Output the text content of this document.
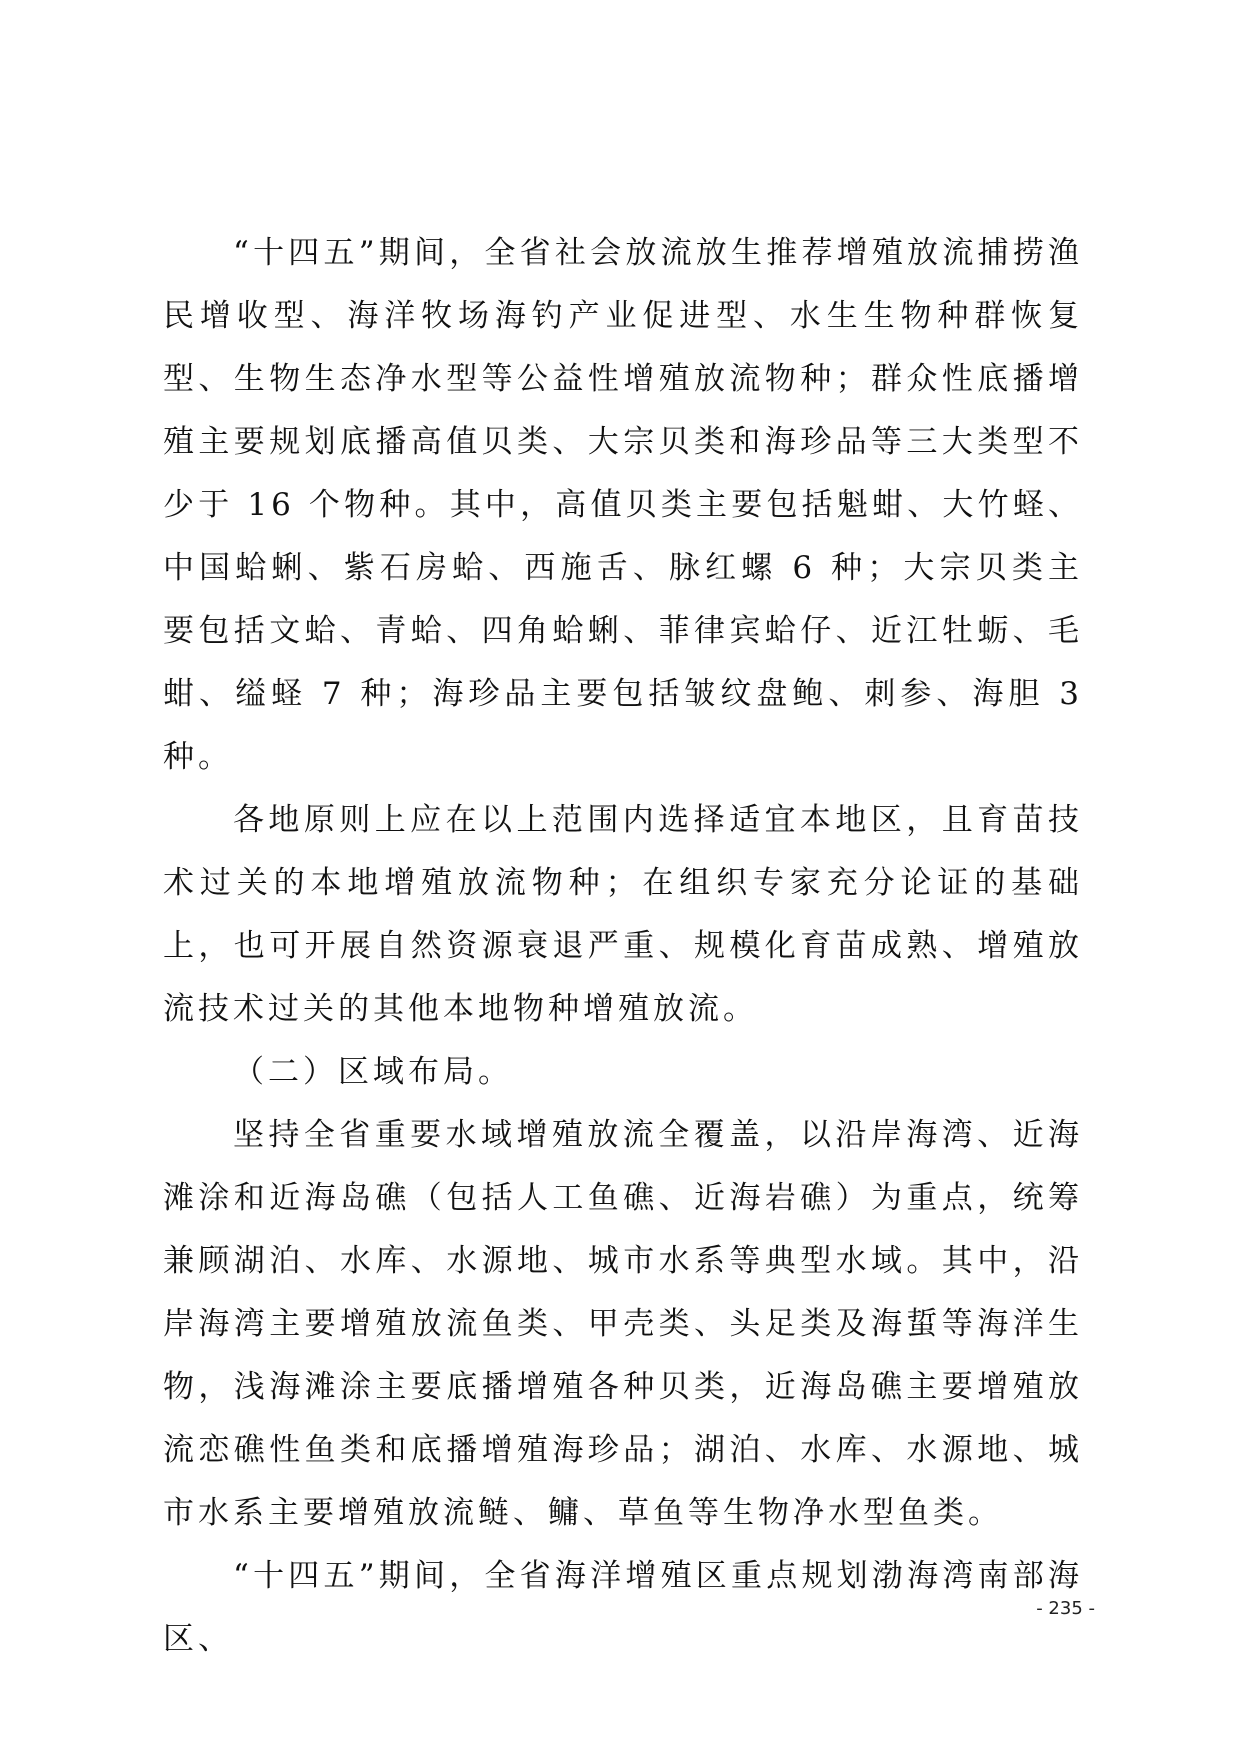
“十四五”期间，全省社会放流放生推荐增殖放流捕捞渔民增收型、海洋牧场海钓产业促进型、水生生物种群恢复型、生物生态净水型等公益性增殖放流物种；群众性底播增殖主要规划底播高值贝类、大宗贝类和海珍品等三大类型不少于 16 个物种。其中，高值贝类主要包括魁蚶、大竹蛏、中国蛤蜊、紫石房蛤、西施舌、脉红螺 6 种；大宗贝类主要包括文蛤、青蛤、四角蛤蜊、菲律宾蛤仔、近江牡蛎、毛蚶、缢蛏 7 种；海珍品主要包括皱纹盘鲍、刺参、海胆 3 种。

各地原则上应在以上范围内选择适宜本地区，且育苗技术过关的本地增殖放流物种；在组织专家充分论证的基础上，也可开展自然资源衰退严重、规模化育苗成熟、增殖放流技术过关的其他本地物种增殖放流。

（二）区域布局。

坚持全省重要水域增殖放流全覆盖，以沿岸海湾、近海滩涂和近海岛礁（包括人工鱼礁、近海岩礁）为重点，统筹兼顾湖泊、水库、水源地、城市水系等典型水域。其中，沿岸海湾主要增殖放流鱼类、甲壳类、头足类及海蜇等海洋生物，浅海滩涂主要底播增殖各种贝类，近海岛礁主要增殖放流恋礁性鱼类和底播增殖海珍品；湖泊、水库、水源地、城市水系主要增殖放流鲢、鳙、草鱼等生物净水型鱼类。

“十四五”期间，全省海洋增殖区重点规划渤海湾南部海区、

- 235 -
